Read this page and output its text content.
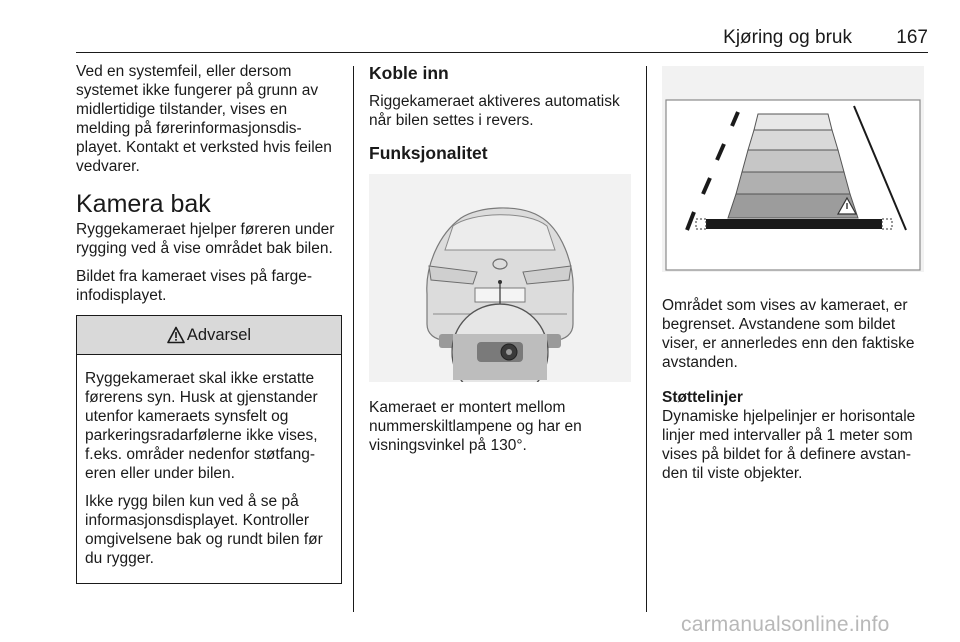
Kjøring og bruk	167

Ved en systemfeil, eller dersom systemet ikke fungerer på grunn av midlertidige tilstander, vises en melding på førerinformasjonsdisplayet. Kontakt et verksted hvis feilen vedvarer.

Kamera bak

Ryggekameraet hjelper føreren under rygging ved å vise området bak bilen.

Bildet fra kameraet vises på fargeinfodisplayet.

Advarsel

Ryggekameraet skal ikke erstatte førerens syn. Husk at gjenstander utenfor kameraets synsfelt og parkeringsradarfølerne ikke vises, f.eks. områder nedenfor støtfangeren eller under bilen.

Ikke rygg bilen kun ved å se på informasjonsdisplayet. Kontroller omgivelsene bak og rundt bilen før du rygger.

Koble inn

Riggekameraet aktiveres automatisk når bilen settes i revers.

Funksjonalitet

Kameraet er montert mellom nummerskiltlampene og har en visningsvinkel på 130°.

Området som vises av kameraet, er begrenset. Avstandene som bildet viser, er annerledes enn den faktiske avstanden.

Støttelinjer

Dynamiske hjelpelinjer er horisontale linjer med intervaller på 1 meter som vises på bildet for å definere avstanden til viste objekter.

carmanualsonline.info
